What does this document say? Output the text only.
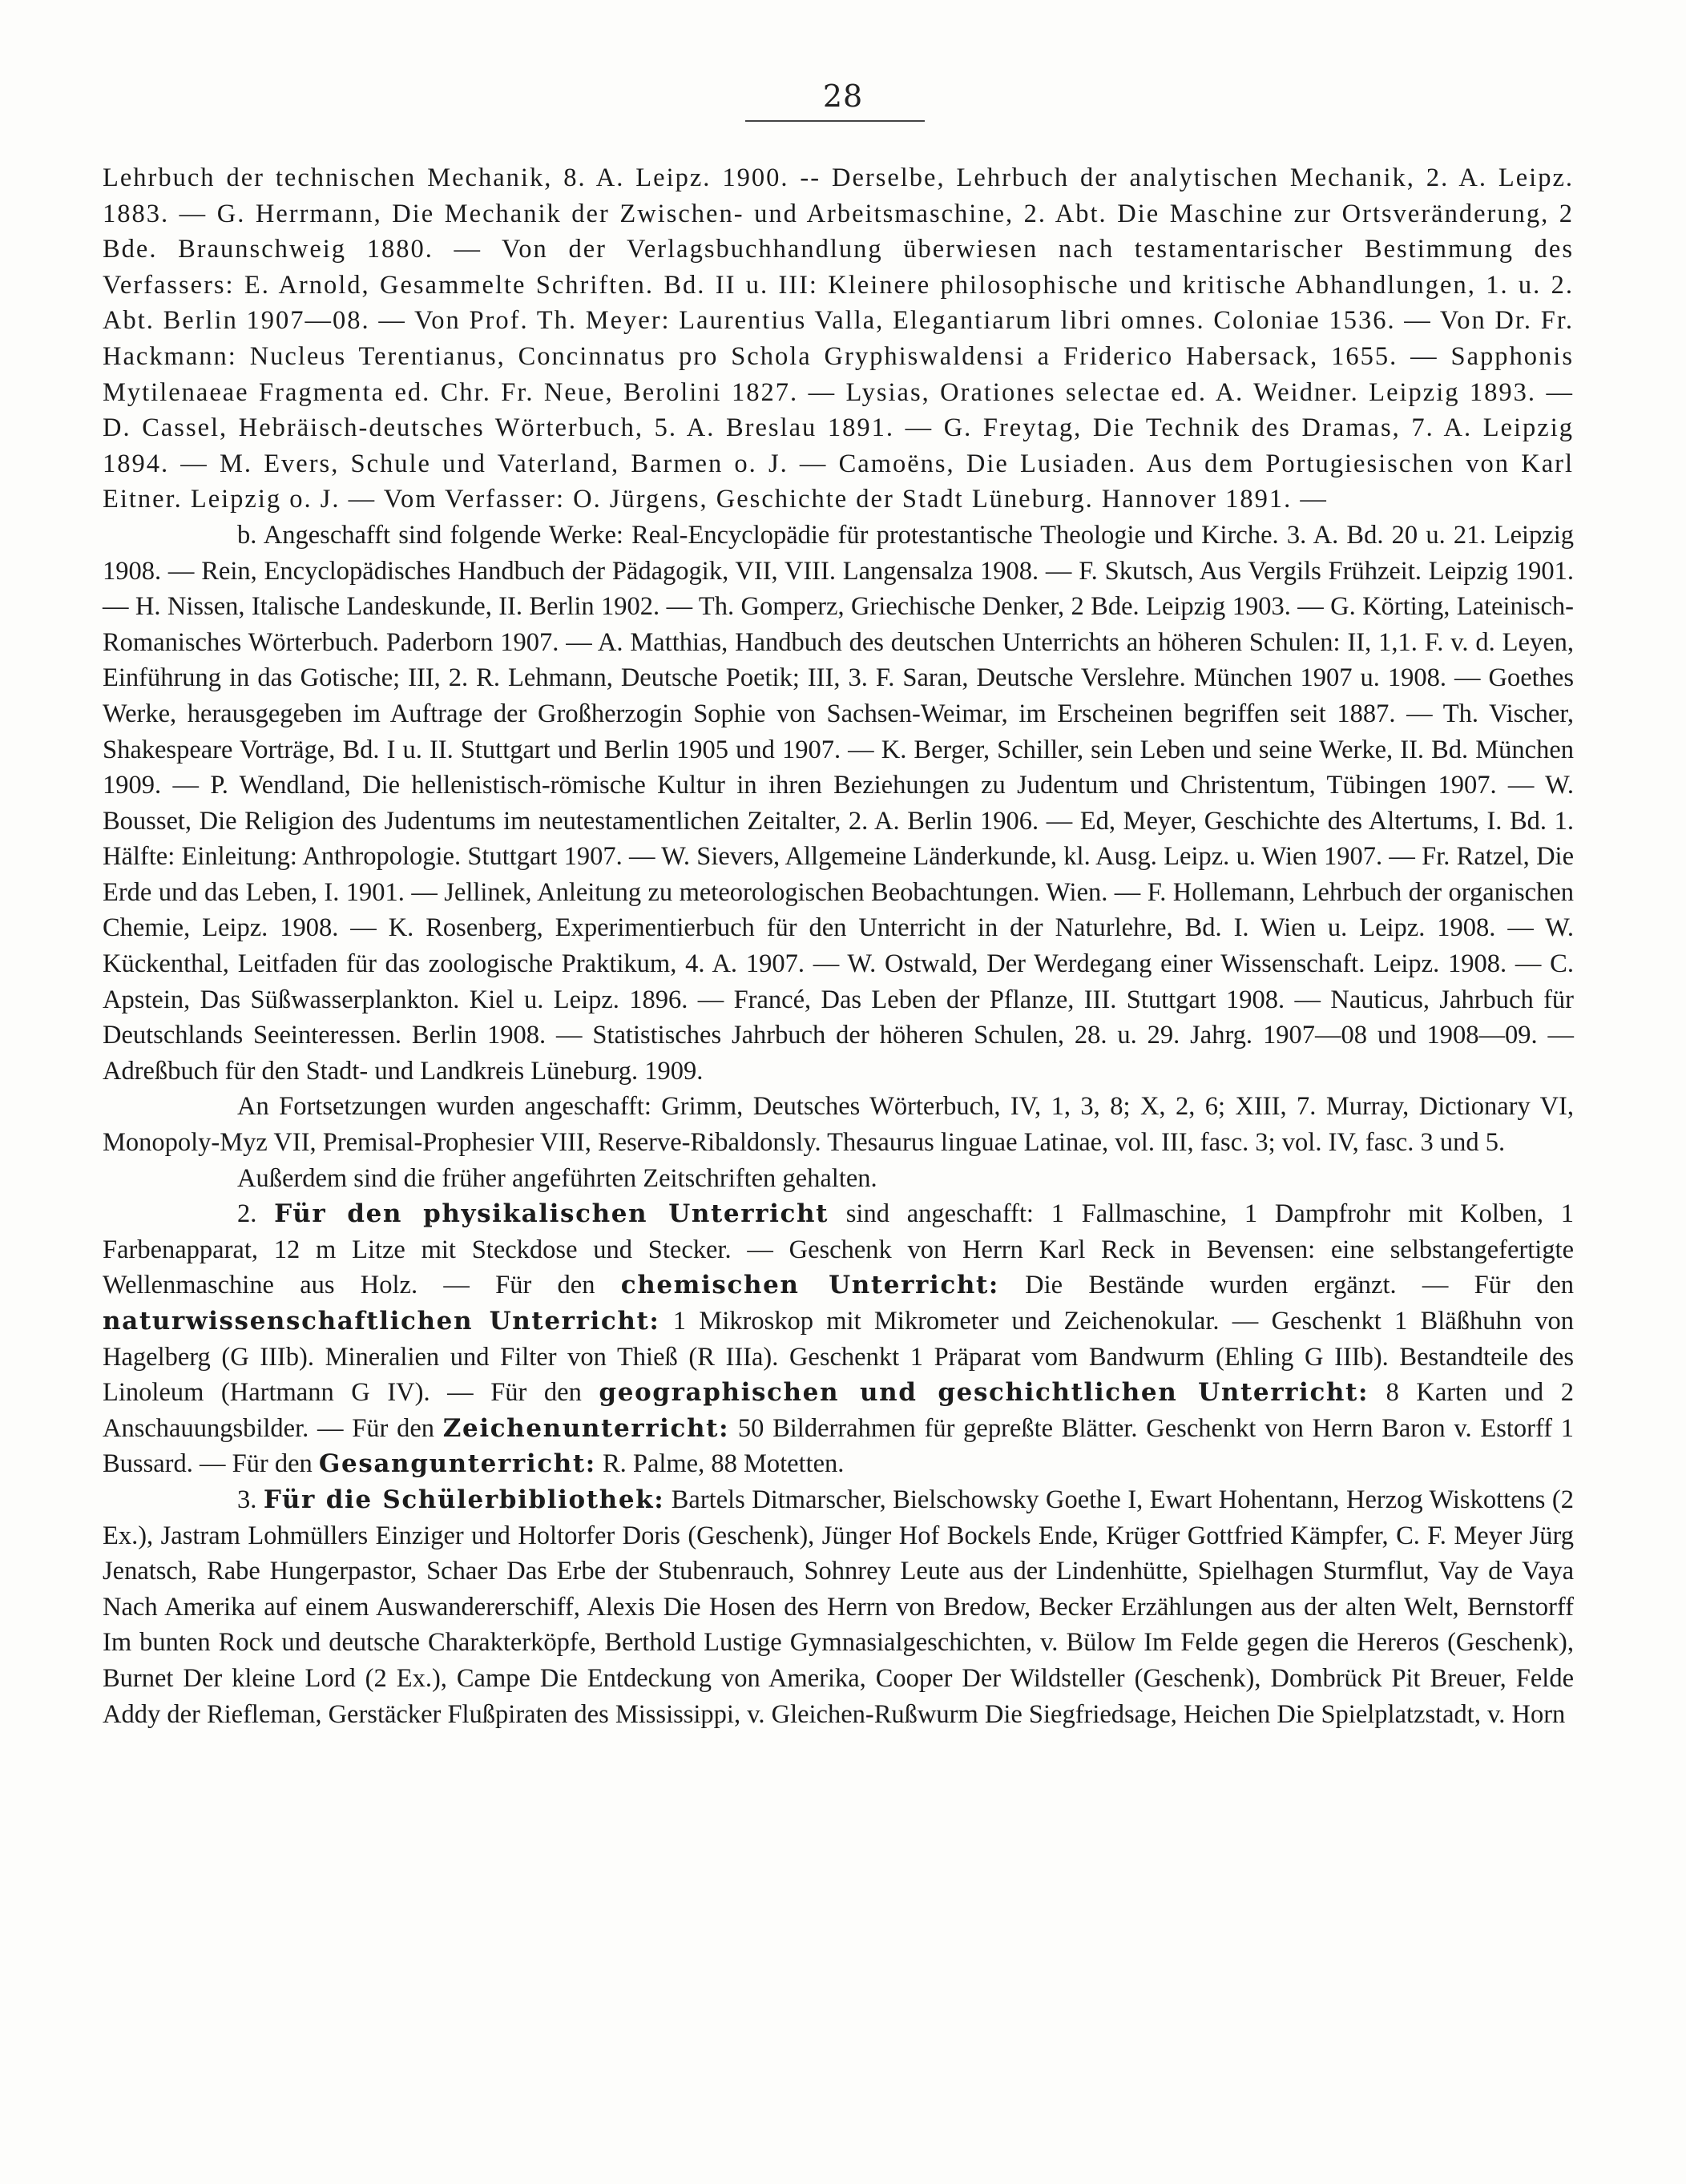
28

Lehrbuch der technischen Mechanik, 8. A. Leipz. 1900. -- Derselbe, Lehrbuch der analytischen Mechanik, 2. A. Leipz. 1883. — G. Herrmann, Die Mechanik der Zwischen- und Arbeitsmaschine, 2. Abt. Die Maschine zur Ortsveränderung, 2 Bde. Braunschweig 1880. — Von der Verlagsbuchhandlung überwiesen nach testamentarischer Bestimmung des Verfassers: E. Arnold, Gesammelte Schriften. Bd. II u. III: Kleinere philosophische und kritische Abhandlungen, 1. u. 2. Abt. Berlin 1907—08. — Von Prof. Th. Meyer: Laurentius Valla, Elegantiarum libri omnes. Coloniae 1536. — Von Dr. Fr. Hackmann: Nucleus Terentianus, Concinnatus pro Schola Gryphiswaldensi a Friderico Habersack, 1655. — Sapphonis Mytilenaeae Fragmenta ed. Chr. Fr. Neue, Berolini 1827. — Lysias, Orationes selectae ed. A. Weidner. Leipzig 1893. — D. Cassel, Hebräisch-deutsches Wörterbuch, 5. A. Breslau 1891. — G. Freytag, Die Technik des Dramas, 7. A. Leipzig 1894. — M. Evers, Schule und Vaterland, Barmen o. J. — Camoëns, Die Lusiaden. Aus dem Portugiesischen von Karl Eitner. Leipzig o. J. — Vom Verfasser: O. Jürgens, Geschichte der Stadt Lüneburg. Hannover 1891. —

b. Angeschafft sind folgende Werke: Real-Encyclopädie für protestantische Theologie und Kirche. 3. A. Bd. 20 u. 21. Leipzig 1908. — Rein, Encyclopädisches Handbuch der Pädagogik, VII, VIII. Langensalza 1908. — F. Skutsch, Aus Vergils Frühzeit. Leipzig 1901. — H. Nissen, Italische Landeskunde, II. Berlin 1902. — Th. Gomperz, Griechische Denker, 2 Bde. Leipzig 1903. — G. Körting, Lateinisch-Romanisches Wörterbuch. Paderborn 1907. — A. Matthias, Handbuch des deutschen Unterrichts an höheren Schulen: II, 1,1. F. v. d. Leyen, Einführung in das Gotische; III, 2. R. Lehmann, Deutsche Poetik; III, 3. F. Saran, Deutsche Verslehre. München 1907 u. 1908. — Goethes Werke, herausgegeben im Auftrage der Großherzogin Sophie von Sachsen-Weimar, im Erscheinen begriffen seit 1887. — Th. Vischer, Shakespeare Vorträge, Bd. I u. II. Stuttgart und Berlin 1905 und 1907. — K. Berger, Schiller, sein Leben und seine Werke, II. Bd. München 1909. — P. Wendland, Die hellenistisch-römische Kultur in ihren Beziehungen zu Judentum und Christentum, Tübingen 1907. — W. Bousset, Die Religion des Judentums im neutestamentlichen Zeitalter, 2. A. Berlin 1906. — Ed, Meyer, Geschichte des Altertums, I. Bd. 1. Hälfte: Einleitung: Anthropologie. Stuttgart 1907. — W. Sievers, Allgemeine Länderkunde, kl. Ausg. Leipz. u. Wien 1907. — Fr. Ratzel, Die Erde und das Leben, I. 1901. — Jellinek, Anleitung zu meteorologischen Beobachtungen. Wien. — F. Hollemann, Lehrbuch der organischen Chemie, Leipz. 1908. — K. Rosenberg, Experimentierbuch für den Unterricht in der Naturlehre, Bd. I. Wien u. Leipz. 1908. — W. Kückenthal, Leitfaden für das zoologische Praktikum, 4. A. 1907. — W. Ostwald, Der Werdegang einer Wissenschaft. Leipz. 1908. — C. Apstein, Das Süßwasserplankton. Kiel u. Leipz. 1896. — Francé, Das Leben der Pflanze, III. Stuttgart 1908. — Nauticus, Jahrbuch für Deutschlands Seeinteressen. Berlin 1908. — Statistisches Jahrbuch der höheren Schulen, 28. u. 29. Jahrg. 1907—08 und 1908—09. — Adreßbuch für den Stadt- und Landkreis Lüneburg. 1909.

An Fortsetzungen wurden angeschafft: Grimm, Deutsches Wörterbuch, IV, 1, 3, 8; X, 2, 6; XIII, 7. Murray, Dictionary VI, Monopoly-Myz VII, Premisal-Prophesier VIII, Reserve-Ribaldonsly. Thesaurus linguae Latinae, vol. III, fasc. 3; vol. IV, fasc. 3 und 5.

Außerdem sind die früher angeführten Zeitschriften gehalten.

2. Für den physikalischen Unterricht sind angeschafft: 1 Fallmaschine, 1 Dampfrohr mit Kolben, 1 Farbenapparat, 12 m Litze mit Steckdose und Stecker. — Geschenk von Herrn Karl Reck in Bevensen: eine selbstangefertigte Wellenmaschine aus Holz. — Für den chemischen Unterricht: Die Bestände wurden ergänzt. — Für den naturwissenschaftlichen Unterricht: 1 Mikroskop mit Mikrometer und Zeichenokular. — Geschenkt 1 Bläßhuhn von Hagelberg (G IIIb). Mineralien und Filter von Thieß (R IIIa). Geschenkt 1 Präparat vom Bandwurm (Ehling G IIIb). Bestandteile des Linoleum (Hartmann G IV). — Für den geographischen und geschichtlichen Unterricht: 8 Karten und 2 Anschauungsbilder. — Für den Zeichenunterricht: 50 Bilderrahmen für gepreßte Blätter. Geschenkt von Herrn Baron v. Estorff 1 Bussard. — Für den Gesangunterricht: R. Palme, 88 Motetten.

3. Für die Schülerbibliothek: Bartels Ditmarscher, Bielschowsky Goethe I, Ewart Hohentann, Herzog Wiskottens (2 Ex.), Jastram Lohmüllers Einziger und Holtorfer Doris (Geschenk), Jünger Hof Bockels Ende, Krüger Gottfried Kämpfer, C. F. Meyer Jürg Jenatsch, Rabe Hungerpastor, Schaer Das Erbe der Stubenrauch, Sohnrey Leute aus der Lindenhütte, Spielhagen Sturmflut, Vay de Vaya Nach Amerika auf einem Auswandererschiff, Alexis Die Hosen des Herrn von Bredow, Becker Erzählungen aus der alten Welt, Bernstorff Im bunten Rock und deutsche Charakterköpfe, Berthold Lustige Gymnasialgeschichten, v. Bülow Im Felde gegen die Hereros (Geschenk), Burnet Der kleine Lord (2 Ex.), Campe Die Entdeckung von Amerika, Cooper Der Wildsteller (Geschenk), Dombrück Pit Breuer, Felde Addy der Riefleman, Gerstäcker Flußpiraten des Mississippi, v. Gleichen-Rußwurm Die Siegfriedsage, Heichen Die Spielplatzstadt, v. Horn
